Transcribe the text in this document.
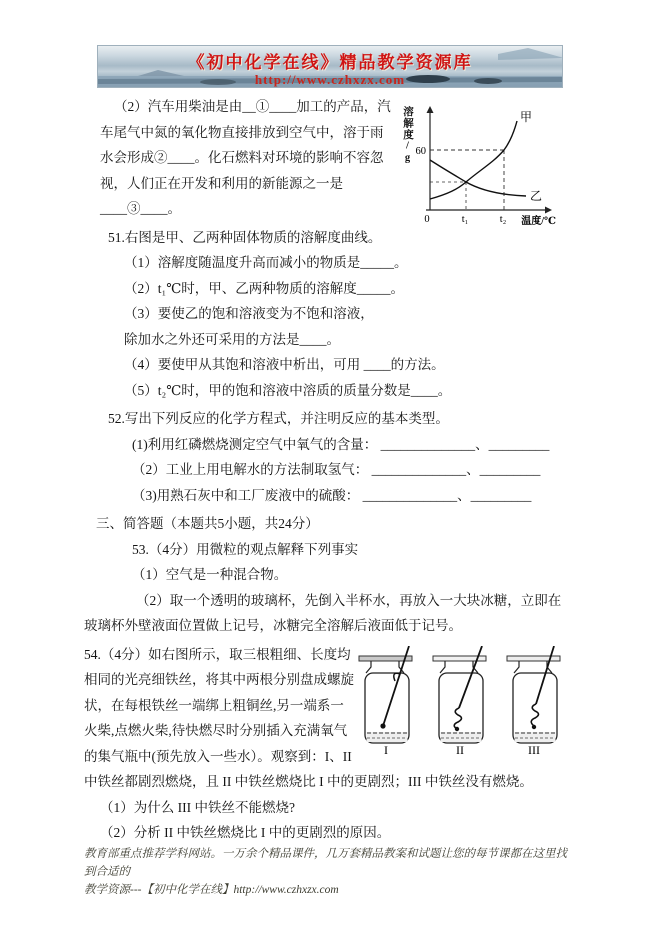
《初中化学在线》精品教学资源库
http://www.czhxzx.com
溶解度/g 60
0	t₁	t₂ 温度/℃
甲
乙

（2）汽车用柴油是由__①____加工的产品，汽车尾气中氮的氧化物直接排放到空气中，溶于雨水会形成②____。化石燃料对环境的影响不容忽视，人们正在开发和利用的新能源之一是 ____③____。

51.右图是甲、乙两种固体物质的溶解度曲线。

（1）溶解度随温度升高而减小的物质是_____。

（2）t₁℃时，甲、乙两种物质的溶解度_____。

（3）要使乙的饱和溶液变为不饱和溶液，

除加水之外还可采用的方法是____。

（4）要使甲从其饱和溶液中析出，可用 ____的方法。

（5）t₂℃时，甲的饱和溶液中溶质的质量分数是____。

52.写出下列反应的化学方程式，并注明反应的基本类型。

(1)利用红磷燃烧测定空气中氧气的含量： ______________、_________

（2）工业上用电解水的方法制取氢气： ______________、_________

（3)用熟石灰中和工厂废液中的硫酸： ______________、_________

三、简答题（本题共5小题，共24分）

53.（4分）用微粒的观点解释下列事实

（1）空气是一种混合物。

（2）取一个透明的玻璃杯，先倒入半杯水，再放入一大块冰糖，立即在玻璃杯外壁液面位置做上记号，冰糖完全溶解后液面低于记号。

I	II	III

54.（4分）如右图所示，取三根粗细、长度均相同的光亮细铁丝，将其中两根分别盘成螺旋状，在每根铁丝一端绑上粗铜丝,另一端系一火柴,点燃火柴,待快燃尽时分别插入充满氧气的集气瓶中(预先放入一些水）。观察到：I、II 中铁丝都剧烈燃烧，且 II 中铁丝燃烧比 I 中的更剧烈；III 中铁丝没有燃烧。

（1）为什么 III 中铁丝不能燃烧?

（2）分析 II 中铁丝燃烧比 I 中的更剧烈的原因。

教育部重点推荐学科网站。一万余个精品课件，几万套精品教案和试题让您的每节课都在这里找到合适的
教学资源---【初中化学在线】http://www.czhxzx.com
